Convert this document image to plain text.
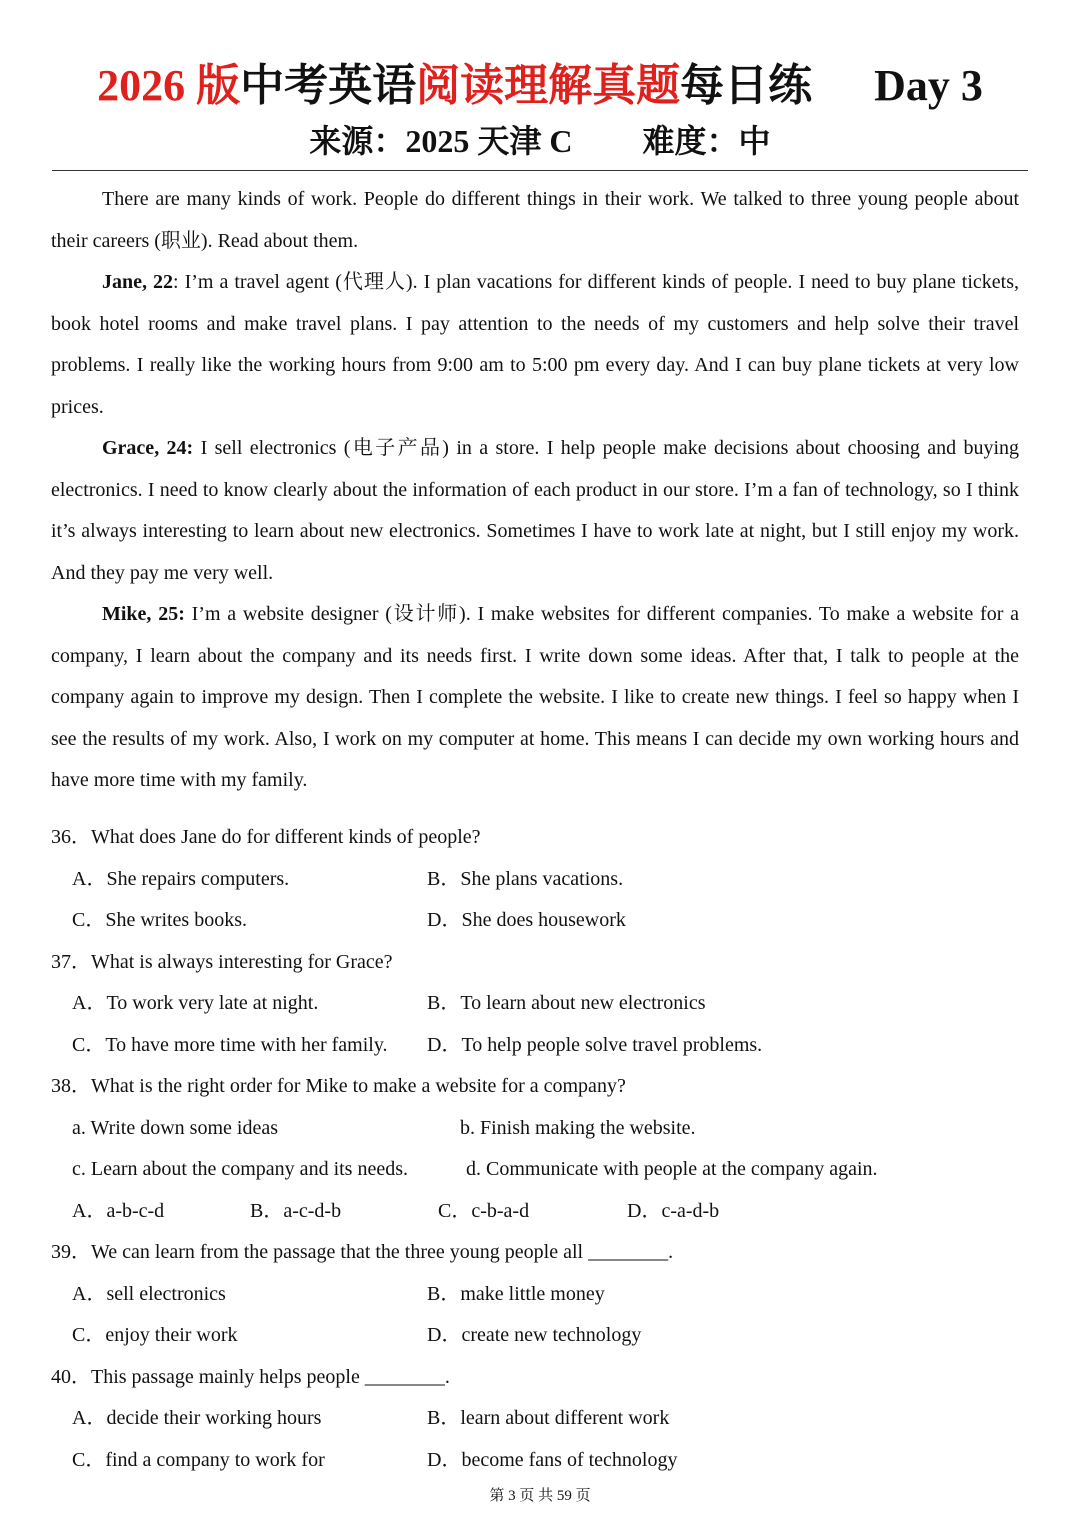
2026 版中考英语阅读理解真题每日练 Day 3
来源：2025 天津 C 难度：中

There are many kinds of work. People do different things in their work. We talked to three young people about their careers (职业). Read about them.

Jane, 22: I’m a travel agent (代理人). I plan vacations for different kinds of people. I need to buy plane tickets, book hotel rooms and make travel plans. I pay attention to the needs of my customers and help solve their travel problems. I really like the working hours from 9:00 am to 5:00 pm every day. And I can buy plane tickets at very low prices.

Grace, 24: I sell electronics (电子产品) in a store. I help people make decisions about choosing and buying electronics. I need to know clearly about the information of each product in our store. I’m a fan of technology, so I think it’s always interesting to learn about new electronics. Sometimes I have to work late at night, but I still enjoy my work. And they pay me very well.

Mike, 25: I’m a website designer (设计师). I make websites for different companies. To make a website for a company, I learn about the company and its needs first. I write down some ideas. After that, I talk to people at the company again to improve my design. Then I complete the website. I like to create new things. I feel so happy when I see the results of my work. Also, I work on my computer at home. This means I can decide my own working hours and have more time with my family.

36．What does Jane do for different kinds of people?
A．She repairs computers.	B．She plans vacations.
C．She writes books.	D．She does housework
37．What is always interesting for Grace?
A．To work very late at night.	B．To learn about new electronics
C．To have more time with her family. D．To help people solve travel problems.
38．What is the right order for Mike to make a website for a company?
a. Write down some ideas	b. Finish making the website.
c. Learn about the company and its needs.	d. Communicate with people at the company again.
A．a-b-c-d	B．a-c-d-b	C．c-b-a-d	D．c-a-d-b
39．We can learn from the passage that the three young people all ________.
A．sell electronics	B．make little money
C．enjoy their work	D．create new technology
40．This passage mainly helps people ________.
A．decide their working hours	B．learn about different work
C．find a company to work for	D．become fans of technology
第 3 页 共 59 页
